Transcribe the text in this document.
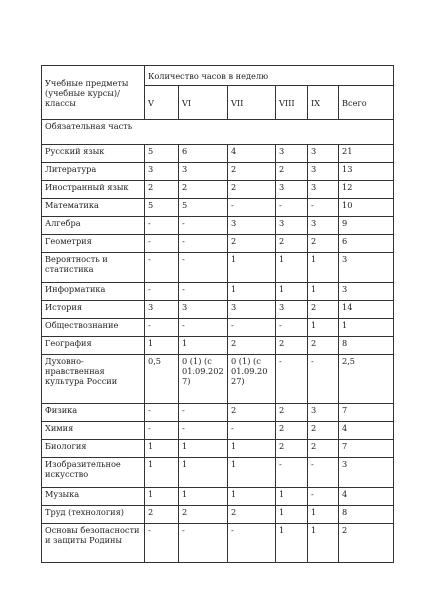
Учебные предметы (учебные курсы)/классы	Количество часов в неделю					
	V	VI	VII	VIII	IX	Всего
Обязательная часть						
Русский язык	5	6	4	3	3	21
Литература	3	3	2	2	3	13
Иностранный язык	2	2	2	3	3	12
Математика	5	5	-	-	-	10
Алгебра	-	-	3	3	3	9
Геометрия	-	-	2	2	2	6
Вероятность и статистика	-	-	1	1	1	3
Информатика	-	-	1	1	1	3
История	3	3	3	3	2	14
Обществознание	-	-	-	-	1	1
География	1	1	2	2	2	8
Духовно-нравственная культура России	0,5	0 (1) (с 01.09.2027)	0 (1) (с 01.09.2027)	-	-	2,5
Физика	-	-	2	2	3	7
Химия	-	-	-	2	2	4
Биология	1	1	1	2	2	7
Изобразительное искусство	1	1	1	-	-	3
Музыка	1	1	1	1	-	4
Труд (технология)	2	2	2	1	1	8
Основы безопасности и защиты Родины	-	-	-	1	1	2
